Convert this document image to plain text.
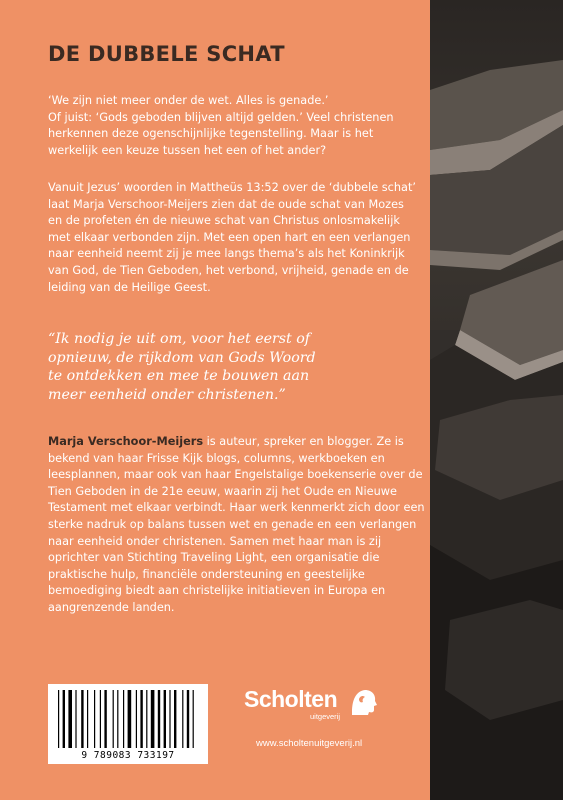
DE DUBBELE SCHAT

‘We zijn niet meer onder de wet. Alles is genade.’
Of juist: ‘Gods geboden blijven altijd gelden.’ Veel christenen herkennen deze ogenschijnlijke tegenstelling. Maar is het werkelijk een keuze tussen het een of het ander?

Vanuit Jezus’ woorden in Mattheüs 13:52 over de ‘dubbele schat’ laat Marja Verschoor-Meijers zien dat de oude schat van Mozes en de profeten én de nieuwe schat van Christus onlosmakelijk met elkaar verbonden zijn. Met een open hart en een verlangen naar eenheid neemt zij je mee langs thema’s als het Koninkrijk van God, de Tien Geboden, het verbond, vrijheid, genade en de leiding van de Heilige Geest.

“Ik nodig je uit om, voor het eerst of
opnieuw, de rijkdom van Gods Woord
te ontdekken en mee te bouwen aan
meer eenheid onder christenen.”

Marja Verschoor-Meijers is auteur, spreker en blogger. Ze is bekend van haar Frisse Kijk blogs, columns, werkboeken en leesplannen, maar ook van haar Engelstalige boekenserie over de Tien Geboden in de 21e eeuw, waarin zij het Oude en Nieuwe Testament met elkaar verbindt. Haar werk kenmerkt zich door een sterke nadruk op balans tussen wet en genade en een verlangen naar eenheid onder christenen. Samen met haar man is zij oprichter van Stichting Traveling Light, een organisatie die praktische hulp, financiële ondersteuning en geestelijke bemoediging biedt aan christelijke initiatieven in Europa en aangrenzende landen.

9 789083 733197
Scholten
uitgeverij
www.scholtenuitgeverij.nl
